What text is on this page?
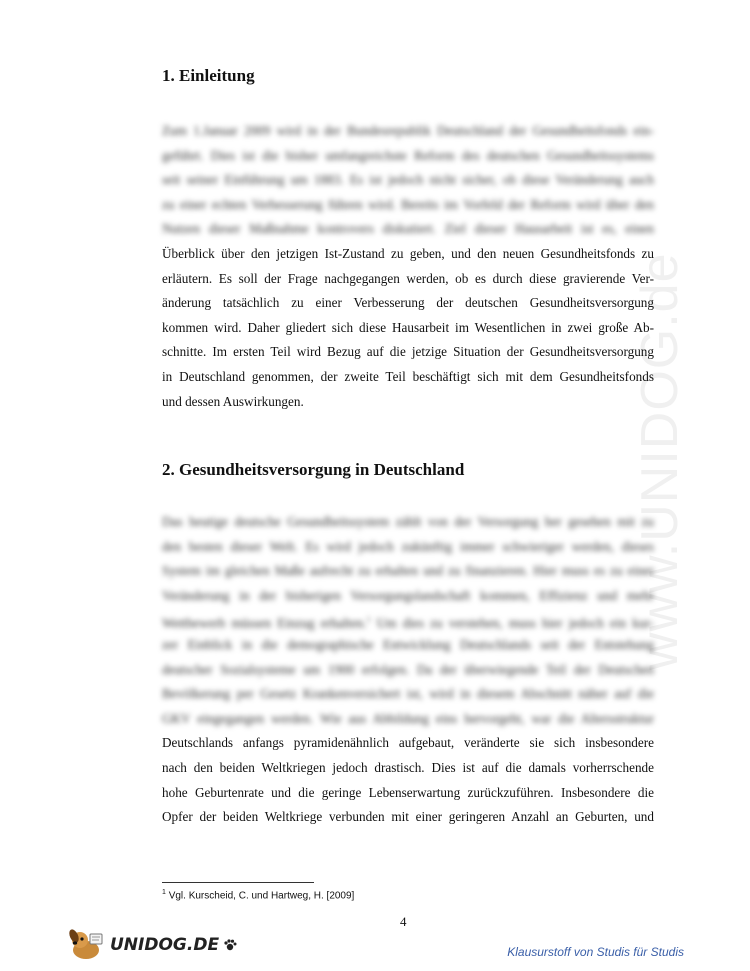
www.UNIDOG.de
1. Einleitung
Zum 1.Januar 2009 wird in der Bundesrepublik Deutschland der Gesundheitsfonds ein-
geführt. Dies ist die bisher umfangreichste Reform des deutschen Gesundheitssystems
seit seiner Einführung um 1883. Es ist jedoch nicht sicher, ob diese Veränderung auch
zu einer echten Verbesserung führen wird. Bereits im Vorfeld der Reform wird über den
Nutzen dieser Maßnahme kontrovers diskutiert. Ziel dieser Hausarbeit ist es, einen
Überblick über den jetzigen Ist-Zustand zu geben, und den neuen Gesundheitsfonds zu
erläutern. Es soll der Frage nachgegangen werden, ob es durch diese gravierende Ver-
änderung tatsächlich zu einer Verbesserung der deutschen Gesundheitsversorgung
kommen wird. Daher gliedert sich diese Hausarbeit im Wesentlichen in zwei große Ab-
schnitte. Im ersten Teil wird Bezug auf die jetzige Situation der Gesundheitsversorgung
in Deutschland genommen, der zweite Teil beschäftigt sich mit dem Gesundheitsfonds
und dessen Auswirkungen.
2. Gesundheitsversorgung in Deutschland
Das heutige deutsche Gesundheitssystem zählt von der Versorgung her gesehen mit zu
den besten dieser Welt. Es wird jedoch zukünftig immer schwieriger werden, dieses
System im gleichen Maße aufrecht zu erhalten und zu finanzieren. Hier muss es zu einer
Veränderung in der bisherigen Versorgungslandschaft kommen, Effizienz und mehr
Wettbewerb müssen Einzug erhalten.$^1$ Um dies zu verstehen, muss hier jedoch ein kur-
zer Einblick in die demographische Entwicklung Deutschlands seit der Entstehung
deutscher Sozialsysteme um 1900 erfolgen. Da der überwiegende Teil der Deutschen
Bevölkerung per Gesetz Krankenversichert ist, wird in diesem Abschnitt näher auf die
GKV eingegangen werden. Wie aus Abbildung eins hervorgeht, war die Altersstruktur
Deutschlands anfangs pyramidenähnlich aufgebaut, veränderte sie sich insbesondere
nach den beiden Weltkriegen jedoch drastisch. Dies ist auf die damals vorherrschende
hohe Geburtenrate und die geringe Lebenserwartung zurückzuführen. Insbesondere die
Opfer der beiden Weltkriege verbunden mit einer geringeren Anzahl an Geburten, und
$^1$ Vgl. Kurscheid, C. und Hartweg, H. [2009]
4
UNIDOG.DE	Klausurstoff von Studis für Studis
